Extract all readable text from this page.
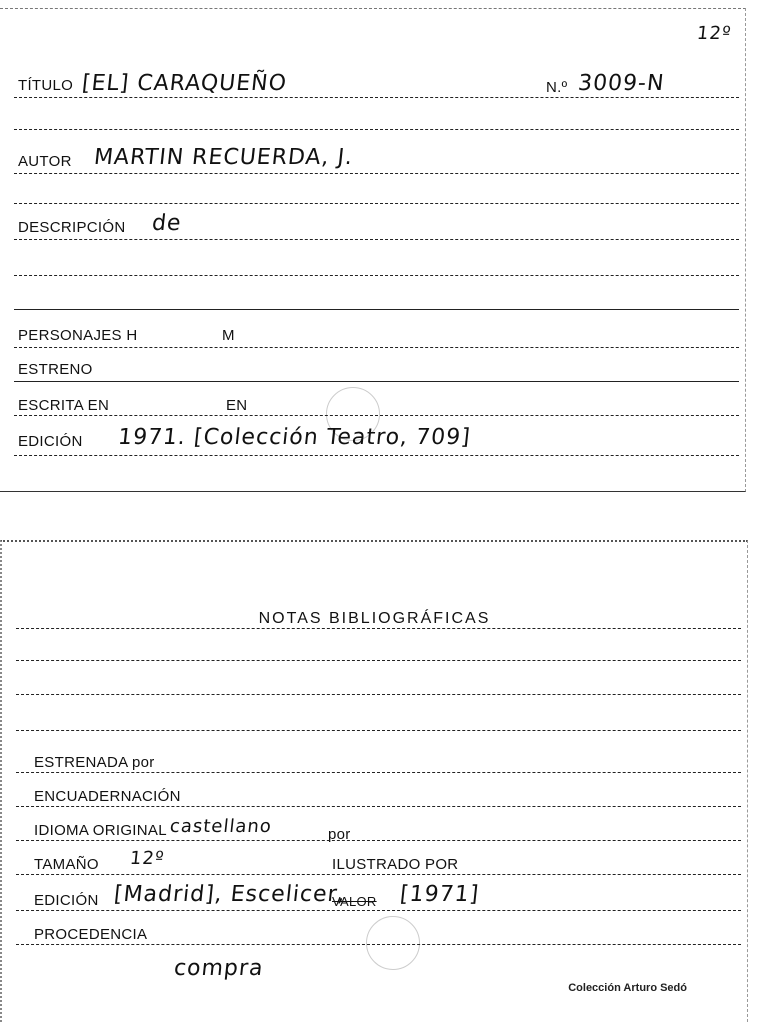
12º
TÍTULO [EL] CARAQUEÑO	N.º 3009-N
AUTOR MARTIN RECUERDA, J.
DESCRIPCIÓN de
PERSONAJES H	M
ESTRENO
ESCRITA EN	EN
EDICIÓN 1971. [Colección Teatro, 709]
NOTAS BIBLIOGRÁFICAS
ESTRENADA por
ENCUADERNACIÓN
IDIOMA ORIGINAL castellano	por
TAMAÑO 12º	ILUSTRADO POR
EDICIÓN [Madrid], Escelicer,
VALOR [1971]
PROCEDENCIA
compra
Colección Arturo Sedó
